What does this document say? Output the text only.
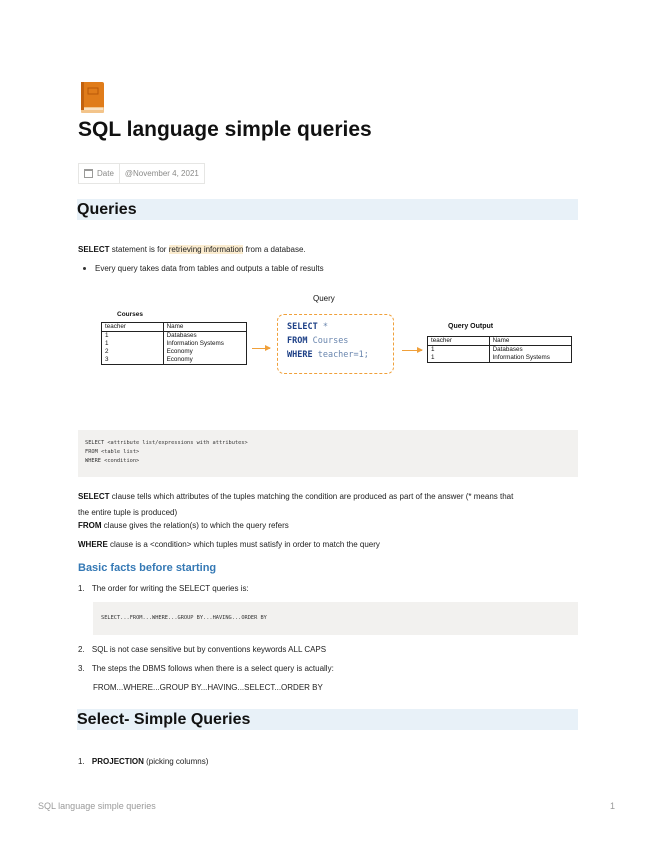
SQL language simple queries
Date	@November 4, 2021
Queries
SELECT statement is for retrieving information from a database.
Every query takes data from tables and outputs a table of results
Query
Courses
teacher	Name
1	Databases
1	Information Systems
2	Economy
3	Economy
SELECT *
FROM Courses
WHERE teacher=1;
Query Output
teacher	Name
1	Databases
1	Information Systems
SELECT <attribute list/expressions with attributes>
FROM <table list>
WHERE <condition>
SELECT clause tells which attributes of the tuples matching the condition are produced as part of the answer (* means that
the entire tuple is produced)
FROM clause gives the relation(s) to which the query refers
WHERE clause is a <condition> which tuples must satisfy in order to match the query
Basic facts before starting
1. The order for writing the SELECT queries is:
SELECT...FROM...WHERE...GROUP BY...HAVING...ORDER BY
2. SQL is not case sensitive but by conventions keywords ALL CAPS
3. The steps the DBMS follows when there is a select query is actually:
FROM...WHERE...GROUP BY...HAVING...SELECT...ORDER BY
Select- Simple Queries
1. PROJECTION (picking columns)
SQL language simple queries	1
